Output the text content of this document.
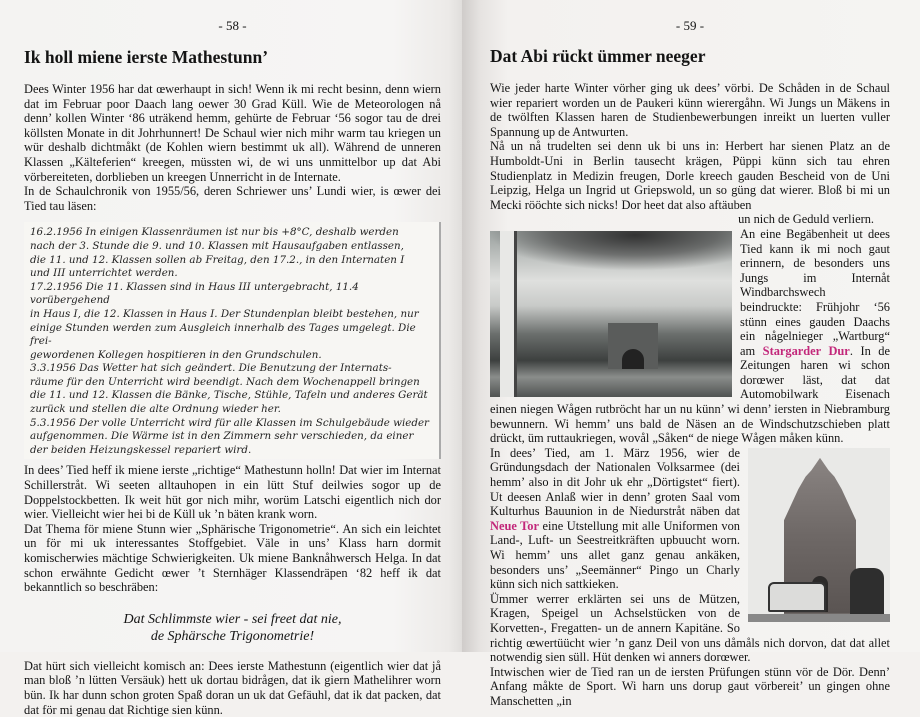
- 58 -
Ik holl miene ierste Mathestunn’

Dees Winter 1956 har dat œwerhaupt in sich! Wenn ik mi recht besinn, denn wiern dat im Februar poor Daach lang oewer 30 Grad Küll. Wie de Meteorologen nå denn’ kollen Winter ‘86 uträkend hemm, gehürte de Februar ‘56 sogor tau de drei köllsten Monate in dit Johrhunnert! De Schaul wier nich mihr warm tau kriegen un wür deshalb dichtmåkt (de Kohlen wiern bestimmt uk all). Während de unneren Klassen „Kälteferien“ kreegen, müssten wi, de wi uns unmittelbor up dat Abi vörbereiteten, dorblieben un kreegen Unnerricht in de Internate.

In de Schaulchronik von 1955/56, deren Schriewer uns’ Lundi wier, is œwer dei Tied tau läsen:

16.2.1956 In einigen Klassenräumen ist nur bis +8°C, deshalb werden
nach der 3. Stunde die 9. und 10. Klassen mit Hausaufgaben entlassen,
die 11. und 12. Klassen sollen ab Freitag, den 17.2., in den Internaten I
und III unterrichtet werden.
17.2.1956 Die 11. Klassen sind in Haus III untergebracht, 11.4 vorübergehend
in Haus I, die 12. Klassen in Haus I. Der Stundenplan bleibt bestehen, nur
einige Stunden werden zum Ausgleich innerhalb des Tages umgelegt. Die frei-
gewordenen Kollegen hospitieren in den Grundschulen.
3.3.1956 Das Wetter hat sich geändert. Die Benutzung der Internats-
räume für den Unterricht wird beendigt. Nach dem Wochenappell bringen
die 11. und 12. Klassen die Bänke, Tische, Stühle, Tafeln und anderes Gerät
zurück und stellen die alte Ordnung wieder her.
5.3.1956 Der volle Unterricht wird für alle Klassen im Schulgebäude wieder
aufgenommen. Die Wärme ist in den Zimmern sehr verschieden, da einer
der beiden Heizungskessel repariert wird.

In dees’ Tied heff ik miene ierste „richtige“ Mathestunn holln! Dat wier im Internat Schillerstråt. Wi seeten alltauhopen in ein lütt Stuf deilwies sogor up de Doppelstockbetten. Ik weit hüt gor nich mihr, worüm Latschi eigentlich nich dor wier. Vielleicht wier hei bi de Küll uk ’n bäten krank worn.

Dat Thema för miene Stunn wier „Sphärische Trigonometrie“. An sich ein leichtet un för mi uk interessantes Stoffgebiet. Väle in uns’ Klass harn dormit komischerwies mächtige Schwierigkeiten. Uk miene Banknåhwersch Helga. In dat schon erwähnte Gedicht œwer ’t Sternhäger Klassendräpen ‘82 heff ik dat bekanntlich so beschräben:

Dat Schlimmste wier - sei freet dat nie,
de Sphärsche Trigonometrie!

Dat hürt sich vielleicht komisch an: Dees ierste Mathestunn (eigentlich wier dat jå man bloß ’n lütten Versäuk) hett uk dortau bidrågen, dat ik giern Mathelihrer worn bün. Ik har dunn schon groten Spaß doran un uk dat Gefäuhl, dat ik dat packen, dat dat för mi genau dat Richtige sien künn.

- 59 -
Dat Abi rückt ümmer neeger

Wie jeder harte Winter vörher ging uk dees’ vörbi. De Schåden in de Schaul wier repariert worden un de Paukeri künn wierergåhn. Wi Jungs un Mäkens in de twölften Klassen haren de Studienbewerbungen inreikt un luerten vuller Spannung up de Antwurten.

Nå un nå trudelten sei denn uk bi uns in: Herbert har sienen Platz an de Humboldt-Uni in Berlin tausecht krägen, Püppi künn sich tau ehren Studienplatz in Medizin freugen, Dorle kreech gauden Bescheid von de Uni Leipzig, Helga un Ingrid ut Griepswold, un so güng dat wierer. Bloß bi mi un Mecki rööchte sich nicks! Dor heet dat also aftäuben

un nich de Geduld verliern.

An eine Begäbenheit ut dees Tied kann ik mi noch gaut erinnern, de besonders uns Jungs im Internåt Windbarchswech beindruckte: Frühjohr ‘56 stünn eines gauden Daachs ein någelnieger „Wartburg“ am Stargarder Dur. In de Zeitungen haren wi schon dorœwer läst, dat dat Automobilwark Eisenach einen niegen Wågen rutbröcht har un nu künn’ wi denn’ iersten in Niebramburg bewunnern. Wi hemm’ uns bald de Näsen an de Windschutzschieben platt drückt, üm ruttaukriegen, wovål „Såken“ de niege Wågen måken künn.

In dees’ Tied, am 1. März 1956, wier de Gründungsdach der Nationalen Volksarmee (dei hemm’ also in dit Johr uk ehr „Dörtigstet“ fiert). Ut deesen Anlaß wier in denn’ groten Saal vom Kulturhus Bauunion in de Niedurstråt näben dat Neue Tor eine Utstellung mit alle Uniformen von Land-, Luft- un Seestreitkräften upbuucht worn. Wi hemm’ uns allet ganz genau ankäken, besonders uns’ „Seemänner“ Pingo un Charly künn sich nich sattkieken.

Ümmer werrer erklärten sei uns de Mützen, Kragen, Speigel un Achselstücken von de Korvetten-, Fregatten- un de annern Kapitäne. So richtig œwertüücht wier ’n ganz Deil von uns dåmåls nich dorvon, dat dat allet notwendig sien süll. Hüt denken wi anners dorœwer.

Intwischen wier de Tied ran un de iersten Prüfungen stünn vör de Dör. Denn’ Anfang måkte de Sport. Wi harn uns dorup gaut vörbereit’ un gingen ohne Manschetten „in
